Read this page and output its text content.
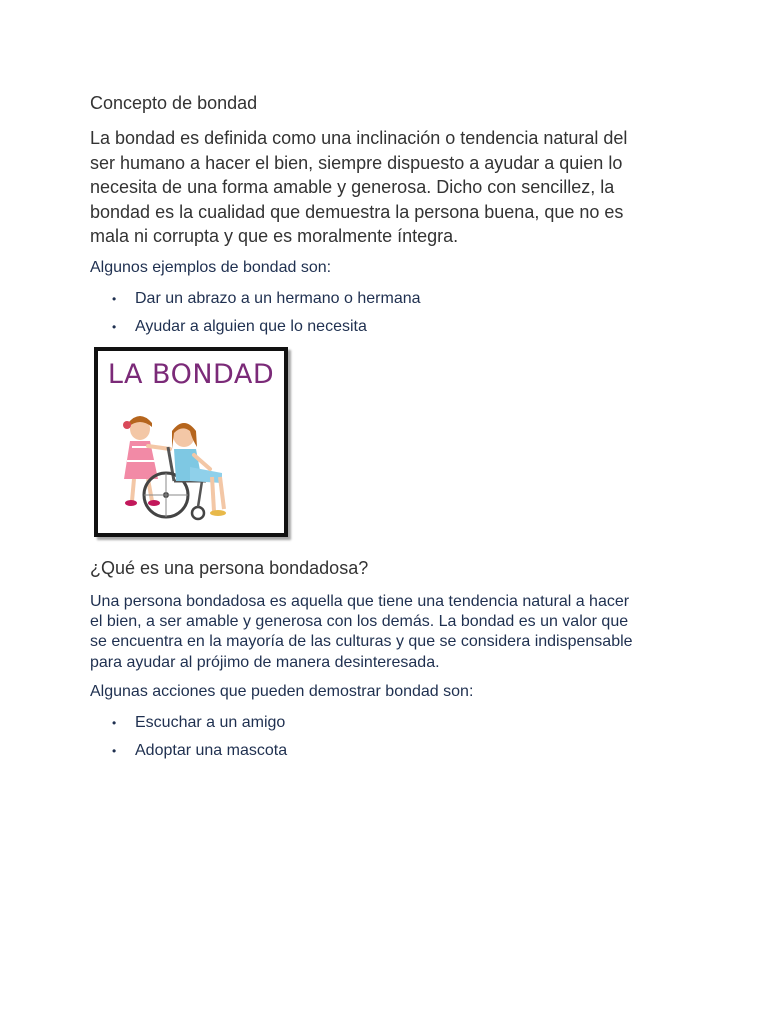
Concepto de bondad

La bondad es definida como una inclinación o tendencia natural del
ser humano a hacer el bien, siempre dispuesto a ayudar a quien lo
necesita de una forma amable y generosa. Dicho con sencillez, la
bondad es la cualidad que demuestra la persona buena, que no es
mala ni corrupta y que es moralmente íntegra.

Algunos ejemplos de bondad son:
• Dar un abrazo a un hermano o hermana
• Ayudar a alguien que lo necesita
¿Qué es una persona bondadosa?

Una persona bondadosa es aquella que tiene una tendencia natural a hacer
el bien, a ser amable y generosa con los demás. La bondad es un valor que
se encuentra en la mayoría de las culturas y que se considera indispensable
para ayudar al prójimo de manera desinteresada.

Algunas acciones que pueden demostrar bondad son:
• Escuchar a un amigo
• Adoptar una mascota
LA BONDAD
